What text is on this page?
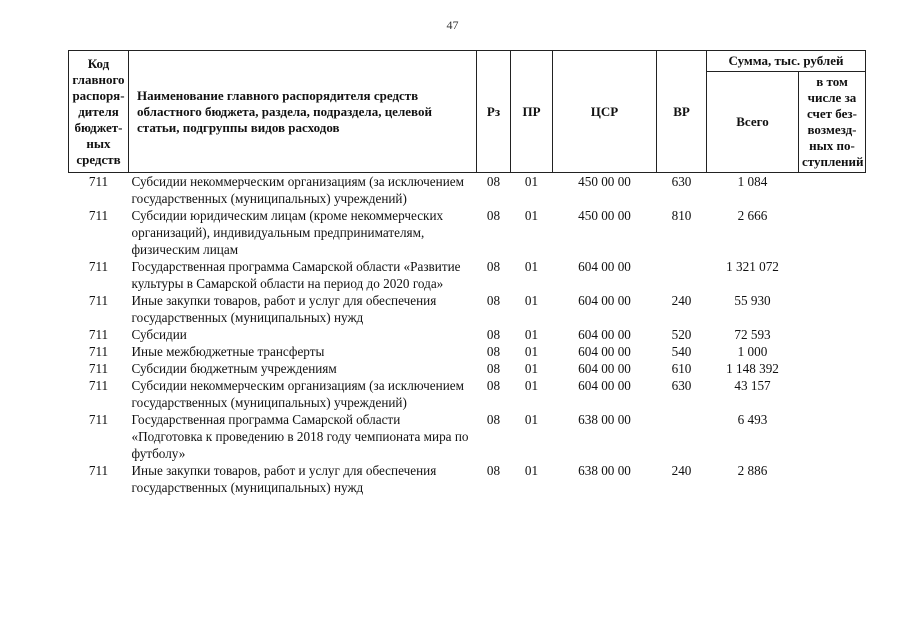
47
Код главного распоря-дителя бюджет-ных средств	Наименование главного распорядителя средств областного бюджета, раздела, подраздела, целевой статьи, подгруппы видов расходов	Рз	ПР	ЦСР	ВР	Сумма, тыс. рублей	
						Всего	в том числе за счет без-возмезд-ных по-ступлений
711	Субсидии некоммерческим организациям (за исключением государственных (муниципальных) учреждений)	08	01	450 00 00	630	1 084	
711	Субсидии юридическим лицам (кроме некоммерческих организаций), индивидуальным предпринимателям, физическим лицам	08	01	450 00 00	810	2 666	
711	Государственная программа Самарской области «Развитие культуры в Самарской области на период до 2020 года»	08	01	604 00 00		1 321 072	
711	Иные закупки товаров, работ и услуг для обеспечения государственных (муниципальных) нужд	08	01	604 00 00	240	55 930	
711	Субсидии	08	01	604 00 00	520	72 593	
711	Иные межбюджетные трансферты	08	01	604 00 00	540	1 000	
711	Субсидии бюджетным учреждениям	08	01	604 00 00	610	1 148 392	
711	Субсидии некоммерческим организациям (за исключением государственных (муниципальных) учреждений)	08	01	604 00 00	630	43 157	
711	Государственная программа Самарской области «Подготовка к проведению в 2018 году чемпионата мира по футболу»	08	01	638 00 00		6 493	
711	Иные закупки товаров, работ и услуг для обеспечения государственных (муниципальных) нужд	08	01	638 00 00	240	2 886	
